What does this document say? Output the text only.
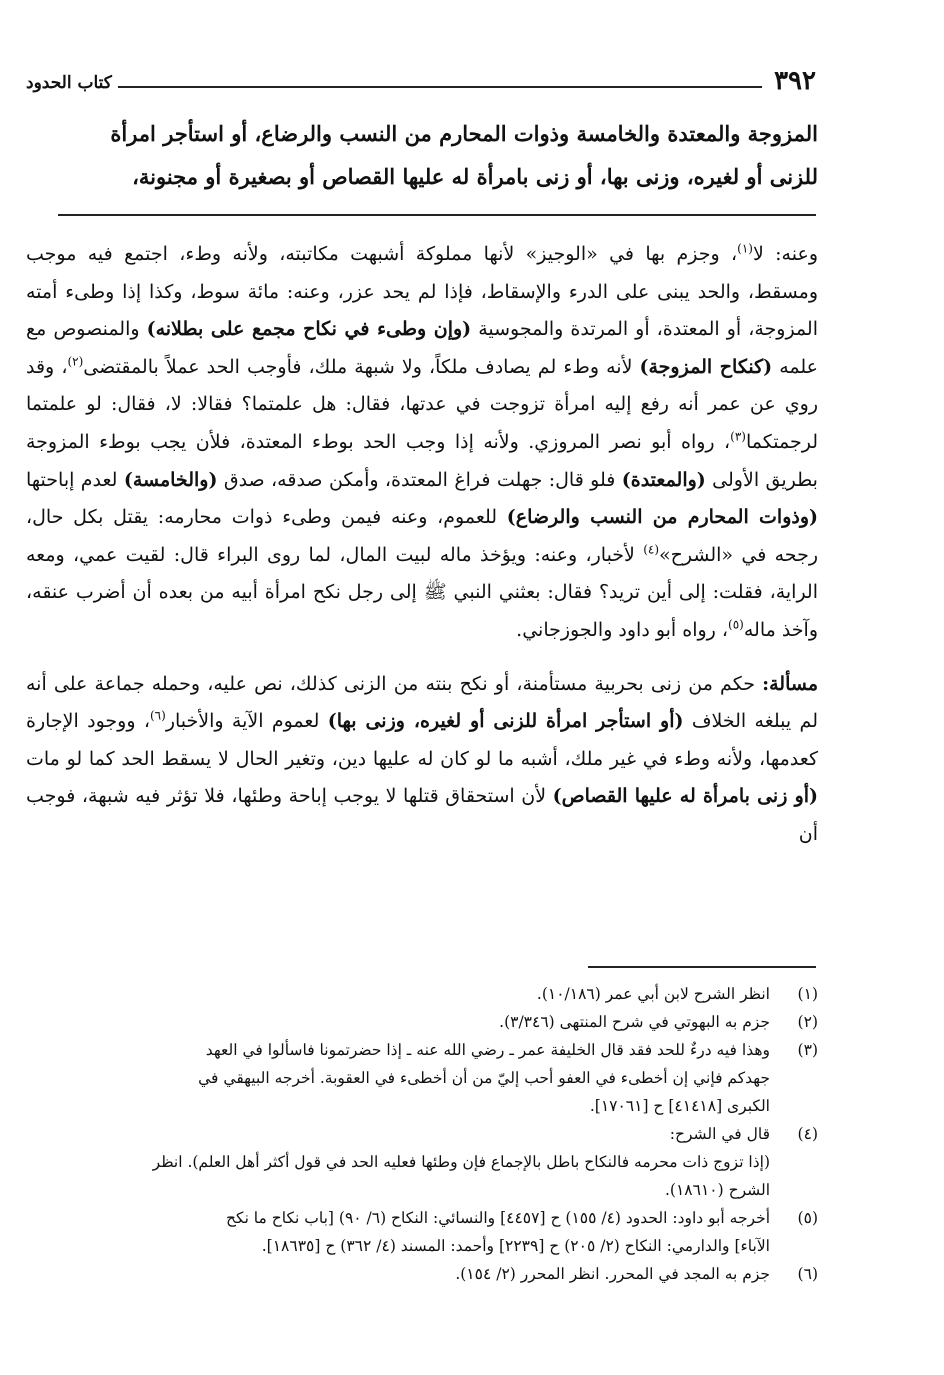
٣٩٢
كتاب الحدود

المزوجة والمعتدة والخامسة وذوات المحارم من النسب والرضاع، أو استأجر امرأة

للزنى أو لغيره، وزنى بها، أو زنى بامرأة له عليها القصاص أو بصغيرة أو مجنونة،

وعنه: لا$^{(١)}$، وجزم بها في «الوجيز» لأنها مملوكة أشبهت مكاتبته، ولأنه وطء، اجتمع فيه موجب ومسقط، والحد يبنى على الدرء والإسقاط، فإذا لم يحد عزر، وعنه: مائة سوط، وكذا إذا وطىء أمته المزوجة، أو المعتدة، أو المرتدة والمجوسية (وإن وطىء في نكاح مجمع على بطلانه) والمنصوص مع علمه (كنكاح المزوجة) لأنه وطء لم يصادف ملكاً، ولا شبهة ملك، فأوجب الحد عملاً بالمقتضى$^{(٢)}$، وقد روي عن عمر أنه رفع إليه امرأة تزوجت في عدتها، فقال: هل علمتما؟ فقالا: لا، فقال: لو علمتما لرجمتكما$^{(٣)}$، رواه أبو نصر المروزي. ولأنه إذا وجب الحد بوطء المعتدة، فلأن يجب بوطء المزوجة بطريق الأولى (والمعتدة) فلو قال: جهلت فراغ المعتدة، وأمكن صدقه، صدق (والخامسة) لعدم إباحتها (وذوات المحارم من النسب والرضاع) للعموم، وعنه فيمن وطىء ذوات محارمه: يقتل بكل حال، رجحه في «الشرح»$^{(٤)}$ لأخبار، وعنه: ويؤخذ ماله لبيت المال، لما روى البراء قال: لقيت عمي، ومعه الراية، فقلت: إلى أين تريد؟ فقال: بعثني النبي ﷺ إلى رجل نكح امرأة أبيه من بعده أن أضرب عنقه، وآخذ ماله$^{(٥)}$، رواه أبو داود والجوزجاني.

مسألة: حكم من زنى بحربية مستأمنة، أو نكح بنته من الزنى كذلك، نص عليه، وحمله جماعة على أنه لم يبلغه الخلاف (أو استأجر امرأة للزنى أو لغيره، وزنى بها) لعموم الآية والأخبار$^{(٦)}$، ووجود الإجارة كعدمها، ولأنه وطء في غير ملك، أشبه ما لو كان له عليها دين، وتغير الحال لا يسقط الحد كما لو مات (أو زنى بامرأة له عليها القصاص) لأن استحقاق قتلها لا يوجب إباحة وطئها، فلا تؤثر فيه شبهة، فوجب أن

(١)
انظر الشرح لابن أبي عمر (١٠/١٨٦).
(٢)
جزم به البهوتي في شرح المنتهى (٣/٣٤٦).
(٣)
وهذا فيه درءٌ للحد فقد قال الخليفة عمر ـ رضي الله عنه ـ إذا حضرتمونا فاسألوا في العهد
جهدكم فإني إن أخطىء في العفو أحب إليّ من أن أخطىء في العقوبة. أخرجه البيهقي في
الكبرى [٤١٤١٨] ح [١٧٠٦١].
(٤)
قال في الشرح:
(إذا تزوج ذات محرمه فالنكاح باطل بالإجماع فإن وطئها فعليه الحد في قول أكثر أهل العلم). انظر
الشرح (١٨٦١٠).
(٥)
أخرجه أبو داود: الحدود (٤/ ١٥٥) ح [٤٤٥٧] والنسائي: النكاح (٦/ ٩٠) [باب نكاح ما نكح
الآباء] والدارمي: النكاح (٢/ ٢٠٥) ح [٢٢٣٩] وأحمد: المسند (٤/ ٣٦٢) ح [١٨٦٣٥].
(٦)
جزم به المجد في المحرر. انظر المحرر (٢/ ١٥٤).
